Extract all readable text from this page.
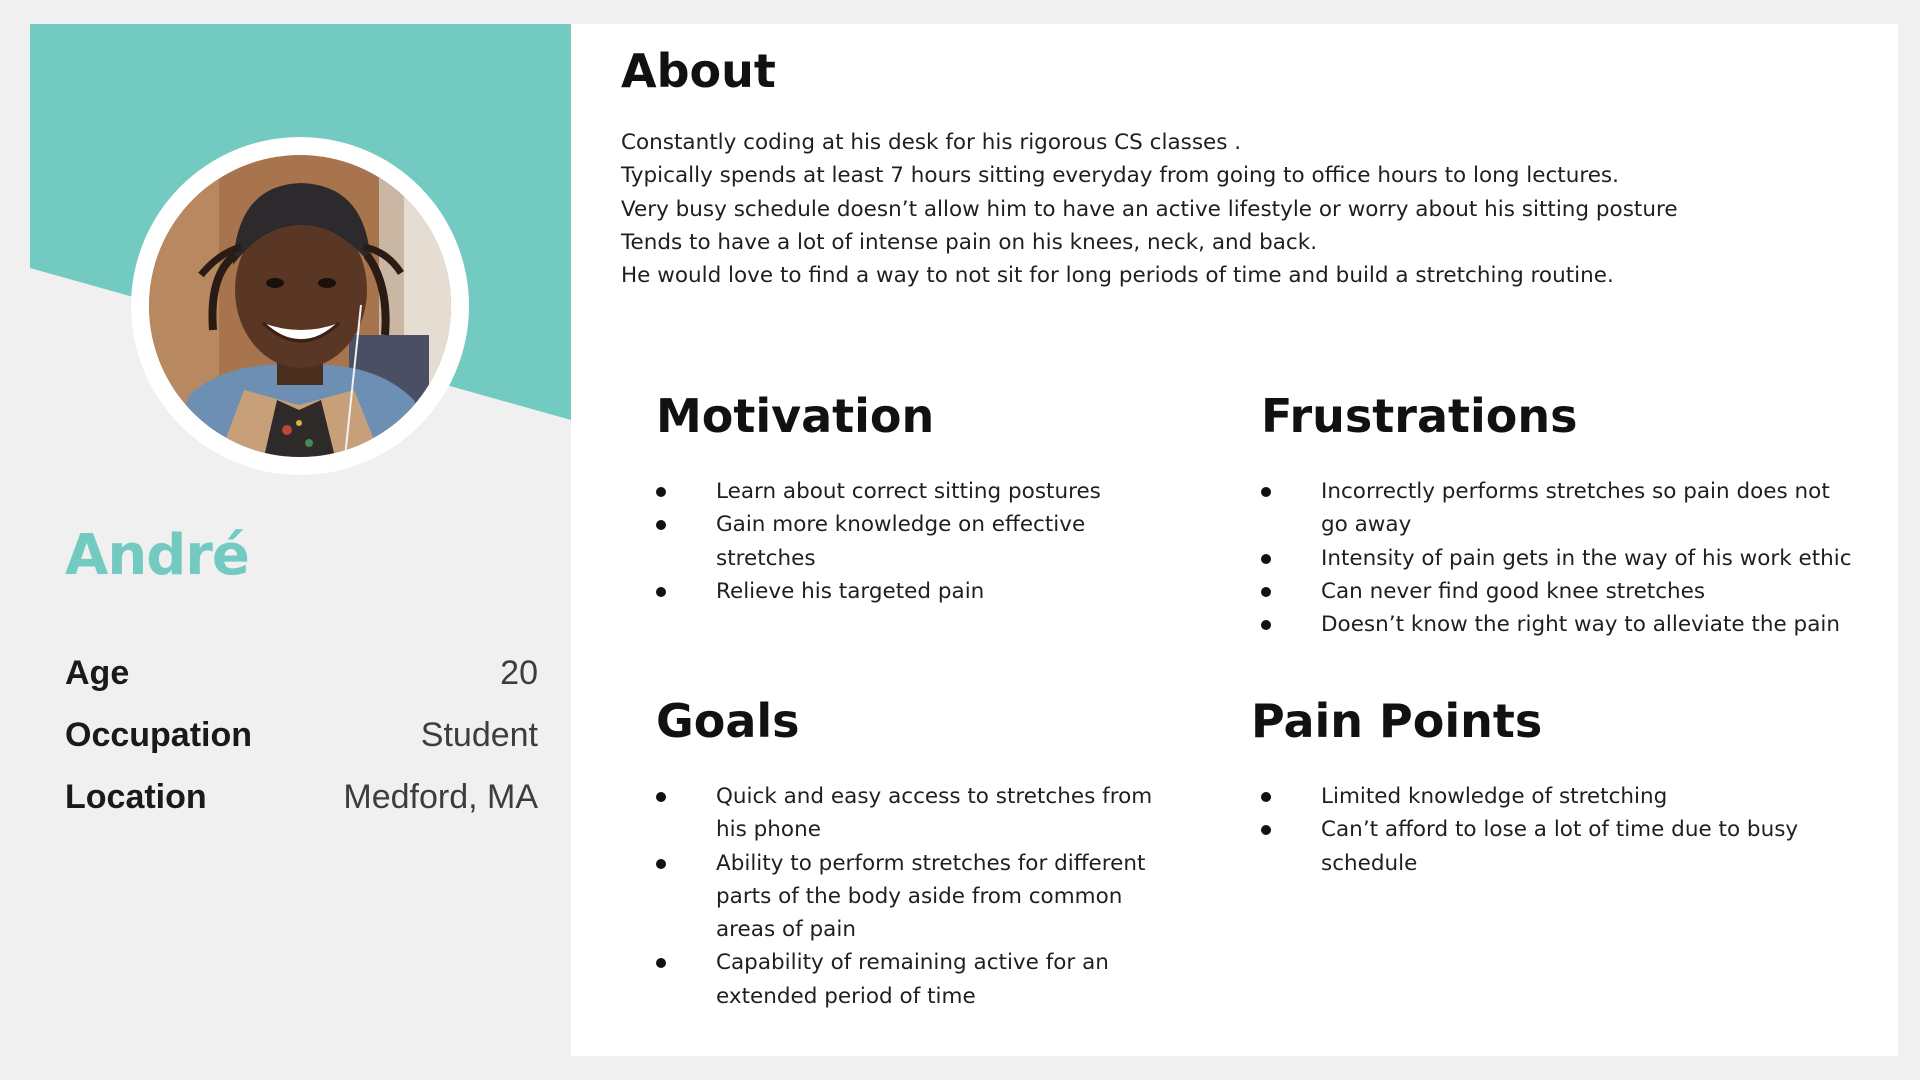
André
Age	20
Occupation	Student
Location	Medford, MA
About
Constantly coding at his desk for his rigorous CS classes .
Typically spends at least 7 hours sitting everyday from going to office hours to long lectures.
Very busy schedule doesn’t allow him to have an active lifestyle or worry about his sitting posture
Tends to have a lot of intense pain on his knees, neck, and back.
He would love to find a way to not sit for long periods of time and build a stretching routine.
Motivation
Learn about correct sitting postures
Gain more knowledge on effective stretches
Relieve his targeted pain
Frustrations
Incorrectly performs stretches so pain does not go away
Intensity of pain gets in the way of his work ethic
Can never find good knee stretches
Doesn’t know the right way to alleviate the pain
Goals
Quick and easy access to stretches from his phone
Ability to perform stretches for different parts of the body aside from common areas of pain
Capability of remaining active for an extended period of time
Pain Points
Limited knowledge of stretching
Can’t afford to lose a lot of time due to busy schedule
